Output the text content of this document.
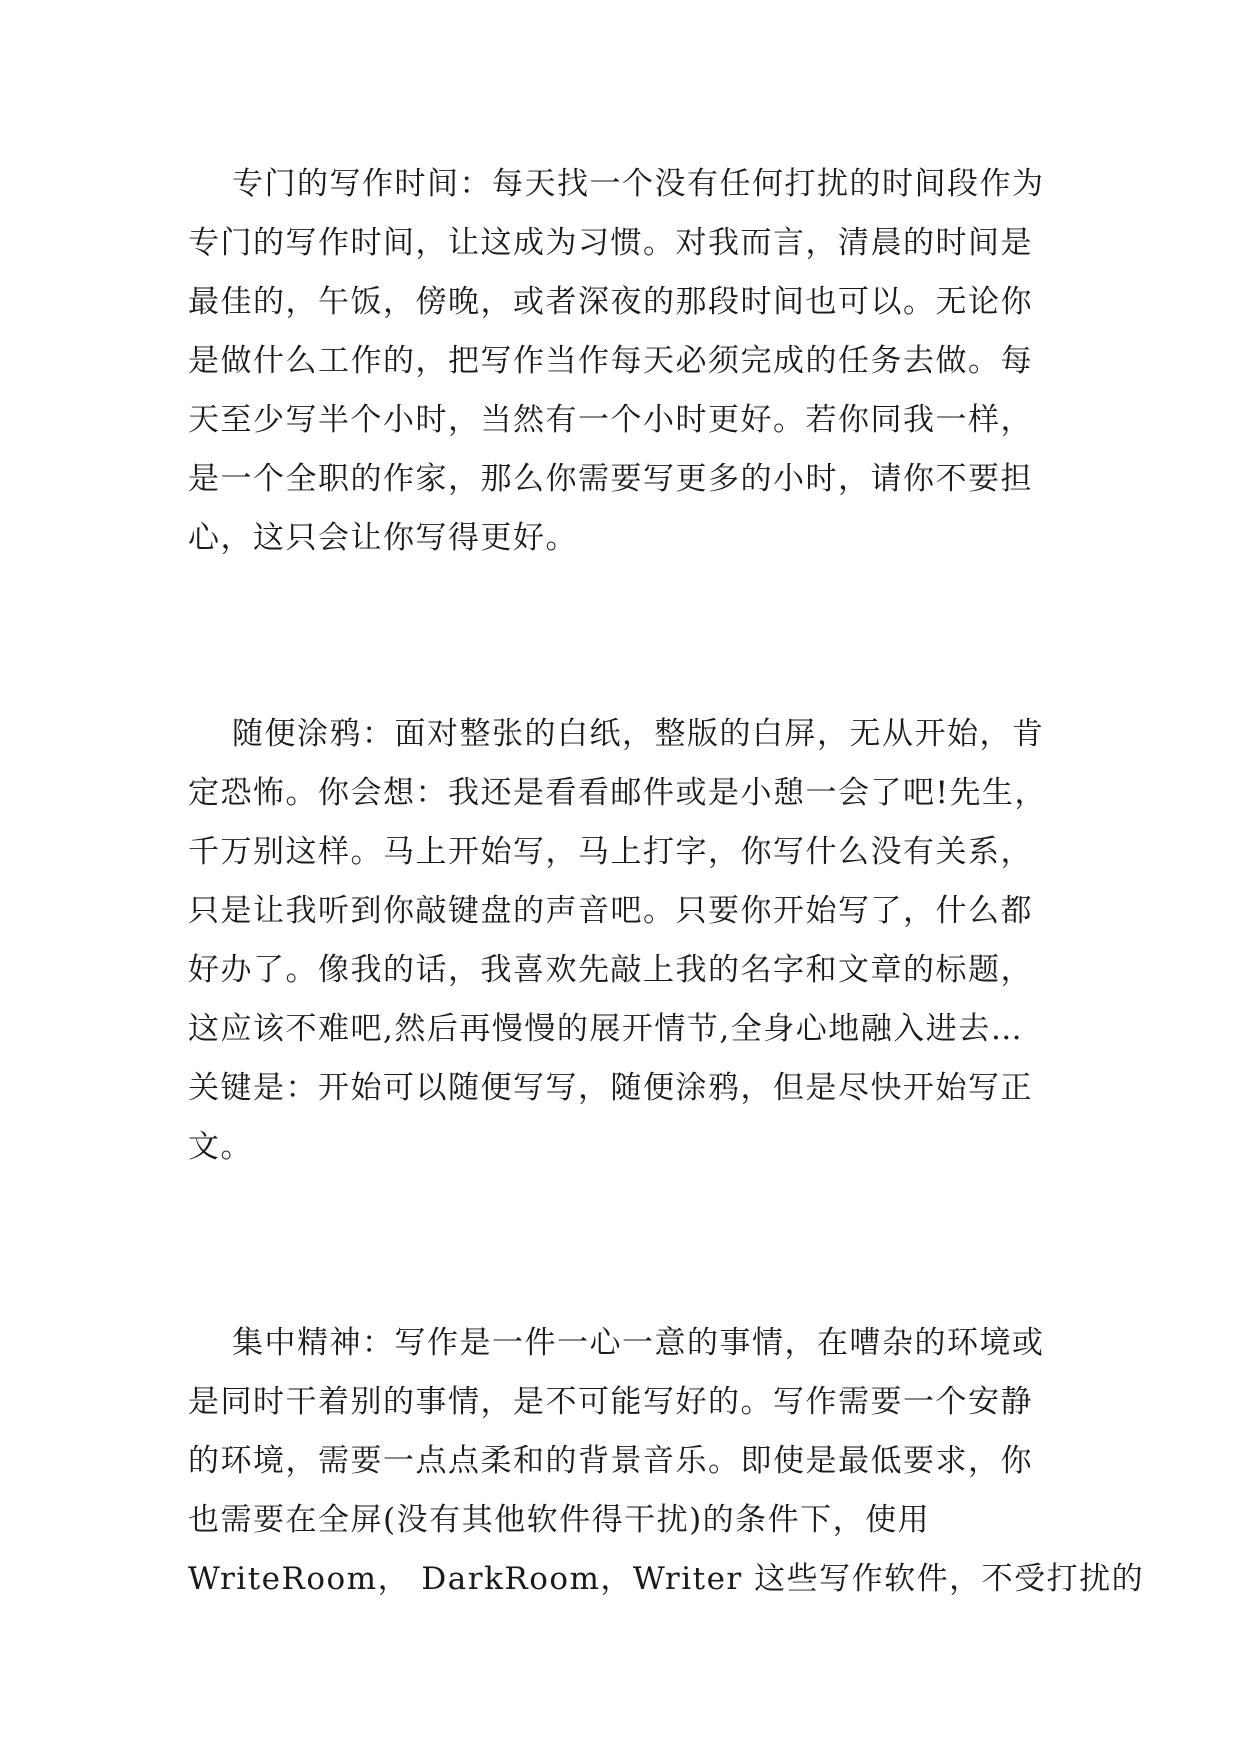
专门的写作时间：每天找一个没有任何打扰的时间段作为
专门的写作时间，让这成为习惯。对我而言，清晨的时间是
最佳的，午饭，傍晚，或者深夜的那段时间也可以。无论你
是做什么工作的，把写作当作每天必须完成的任务去做。每
天至少写半个小时，当然有一个小时更好。若你同我一样，
是一个全职的作家，那么你需要写更多的小时，请你不要担
心，这只会让你写得更好。

随便涂鸦：面对整张的白纸，整版的白屏，无从开始，肯
定恐怖。你会想：我还是看看邮件或是小憩一会了吧!先生，
千万别这样。马上开始写，马上打字，你写什么没有关系，
只是让我听到你敲键盘的声音吧。只要你开始写了，什么都
好办了。像我的话，我喜欢先敲上我的名字和文章的标题，
这应该不难吧,然后再慢慢的展开情节,全身心地融入进去…
关键是：开始可以随便写写，随便涂鸦，但是尽快开始写正
文。

集中精神：写作是一件一心一意的事情，在嘈杂的环境或
是同时干着别的事情，是不可能写好的。写作需要一个安静
的环境，需要一点点柔和的背景音乐。即使是最低要求，你
也需要在全屏(没有其他软件得干扰)的条件下，使用
WriteRoom， DarkRoom，Writer 这些写作软件，不受打扰的
